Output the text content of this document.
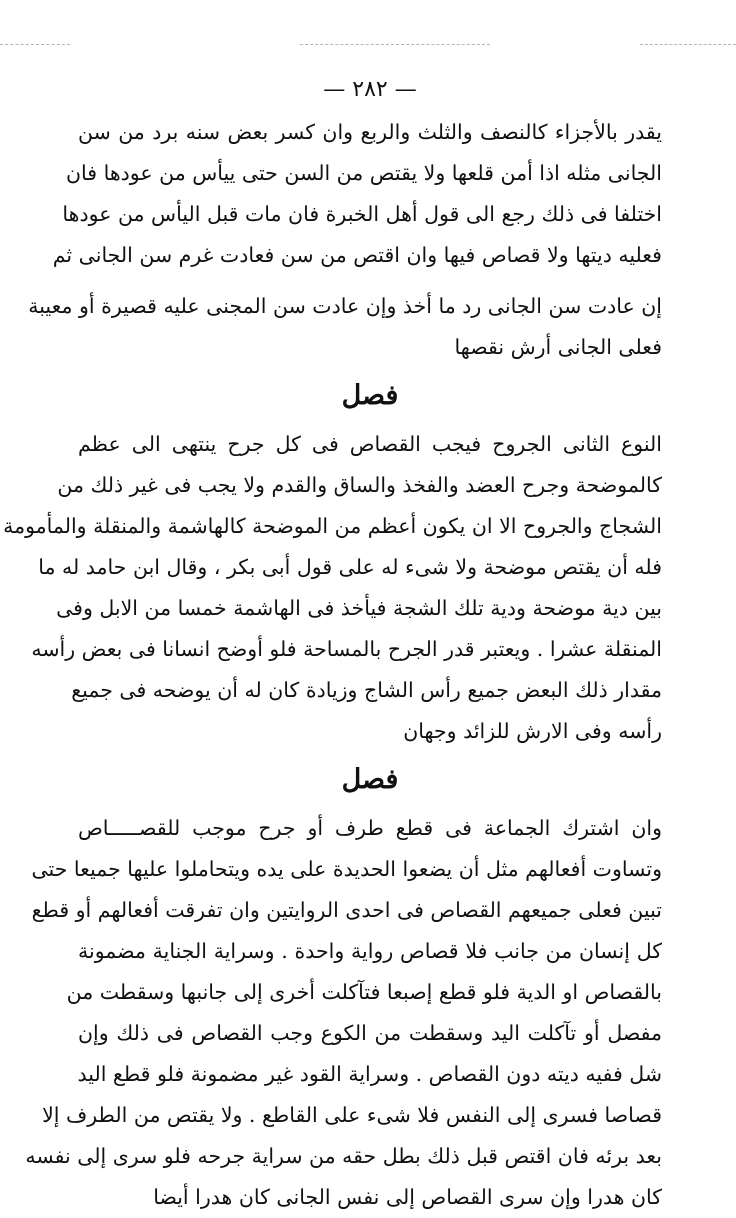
— ٢٨٢ —
يقدر بالأجزاء كالنصف والثلث والربع وان كسر بعض سنه برد من سن
الجانى مثله اذا أمن قلعها ولا يقتص من السن حتى ييأس من عودها فان
اختلفا فى ذلك رجع الى قول أهل الخبرة فان مات قبل اليأس من عودها
فعليه ديتها ولا قصاص فيها وان اقتص من سن فعادت غرم سن الجانى ثم
إن عادت سن الجانى رد ما أخذ وإن عادت سن المجنى عليه قصيرة أو معيبة
فعلى الجانى أرش نقصها
فصل
النوع الثانى الجروح فيجب القصاص فى كل جرح ينتهى الى عظم
كالموضحة وجرح العضد والفخذ والساق والقدم ولا يجب فى غير ذلك من
الشجاج والجروح الا ان يكون أعظم من الموضحة كالهاشمة والمنقلة والمأمومة
فله أن يقتص موضحة ولا شىء له على قول أبى بكر ، وقال ابن حامد له ما
بين دية موضحة ودية تلك الشجة فيأخذ فى الهاشمة خمسا من الابل وفى
المنقلة عشرا . ويعتبر قدر الجرح بالمساحة فلو أوضح انسانا فى بعض رأسه
مقدار ذلك البعض جميع رأس الشاج وزيادة كان له أن يوضحه فى جميع
رأسه وفى الارش للزائد وجهان
فصل
وان اشترك الجماعة فى قطع طرف أو جرح موجب للقصـــــاص
وتساوت أفعالهم مثل أن يضعوا الحديدة على يده ويتحاملوا عليها جميعا حتى
تبين فعلى جميعهم القصاص فى احدى الروايتين وان تفرقت أفعالهم أو قطع
كل إنسان من جانب فلا قصاص رواية واحدة . وسراية الجناية مضمونة
بالقصاص او الدية فلو قطع إصبعا فتآكلت أخرى إلى جانبها وسقطت من
مفصل أو تآكلت اليد وسقطت من الكوع وجب القصاص فى ذلك وإن
شل ففيه ديته دون القصاص . وسراية القود غير مضمونة فلو قطع اليد
قصاصا فسرى إلى النفس فلا شىء على القاطع . ولا يقتص من الطرف إلا
بعد برئه فان اقتص قبل ذلك بطل حقه من سراية جرحه فلو سرى إلى نفسه
كان هدرا وإن سرى القصاص إلى نفس الجانى كان هدرا أيضا
